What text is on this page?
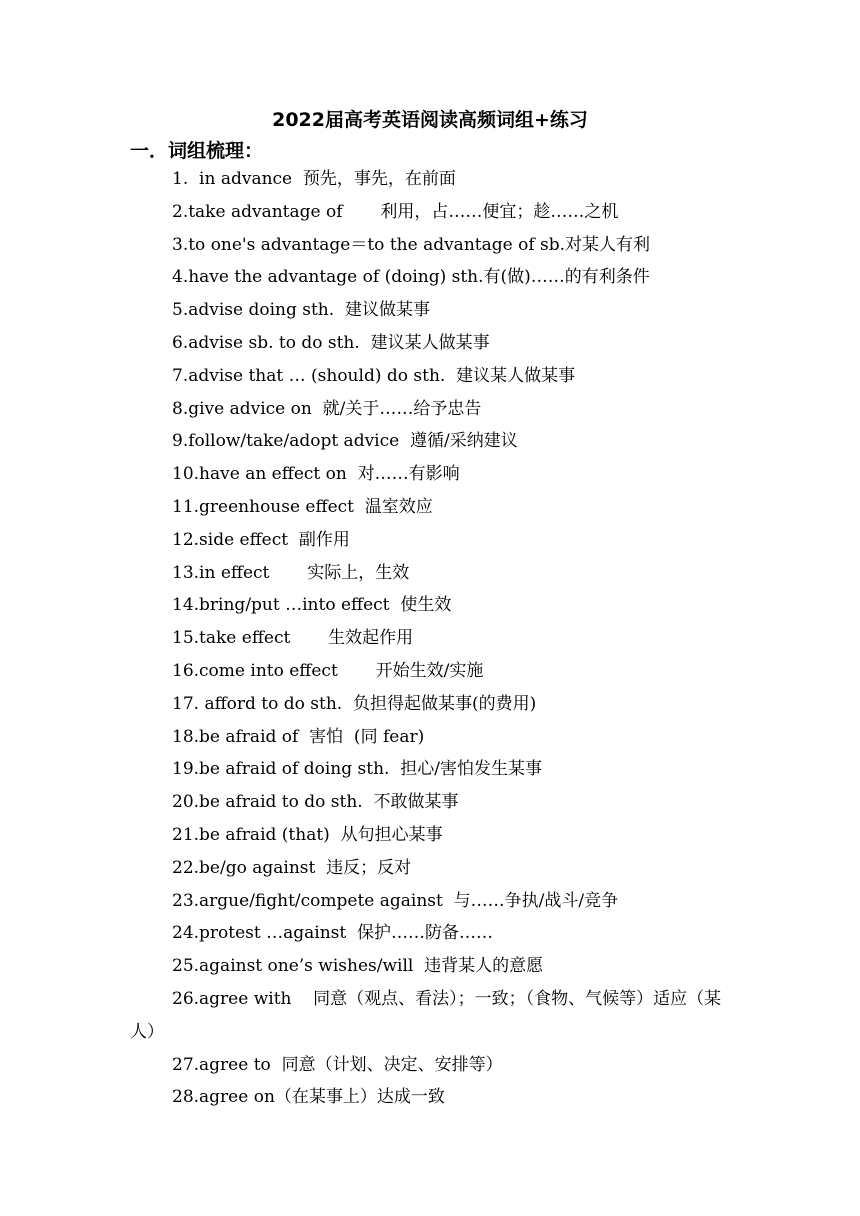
2022届高考英语阅读高频词组+练习
一．词组梳理：
1.  in advance  预先，事先，在前面
2.take advantage of       利用，占……便宜；趁……之机
3.to one's advantage＝to the advantage of sb.对某人有利
4.have the advantage of (doing) sth.有(做)……的有利条件
5.advise doing sth.  建议做某事
6.advise sb. to do sth.  建议某人做某事
7.advise that … (should) do sth.  建议某人做某事
8.give advice on  就/关于……给予忠告
9.follow/take/adopt advice  遵循/采纳建议
10.have an effect on  对……有影响
11.greenhouse effect  温室效应
12.side effect  副作用
13.in effect       实际上，生效
14.bring/put …into effect  使生效
15.take effect       生效起作用
16.come into effect       开始生效/实施
17. afford to do sth.  负担得起做某事(的费用)
18.be afraid of  害怕  (同 fear)
19.be afraid of doing sth.  担心/害怕发生某事
20.be afraid to do sth.  不敢做某事
21.be afraid (that)  从句担心某事
22.be/go against  违反；反对
23.argue/fight/compete against  与……争执/战斗/竞争
24.protest …against  保护……防备……
25.against one’s wishes/will  违背某人的意愿
26.agree with    同意（观点、看法）；一致；（食物、气候等）适应（某人）
27.agree to  同意（计划、决定、安排等）
28.agree on（在某事上）达成一致
